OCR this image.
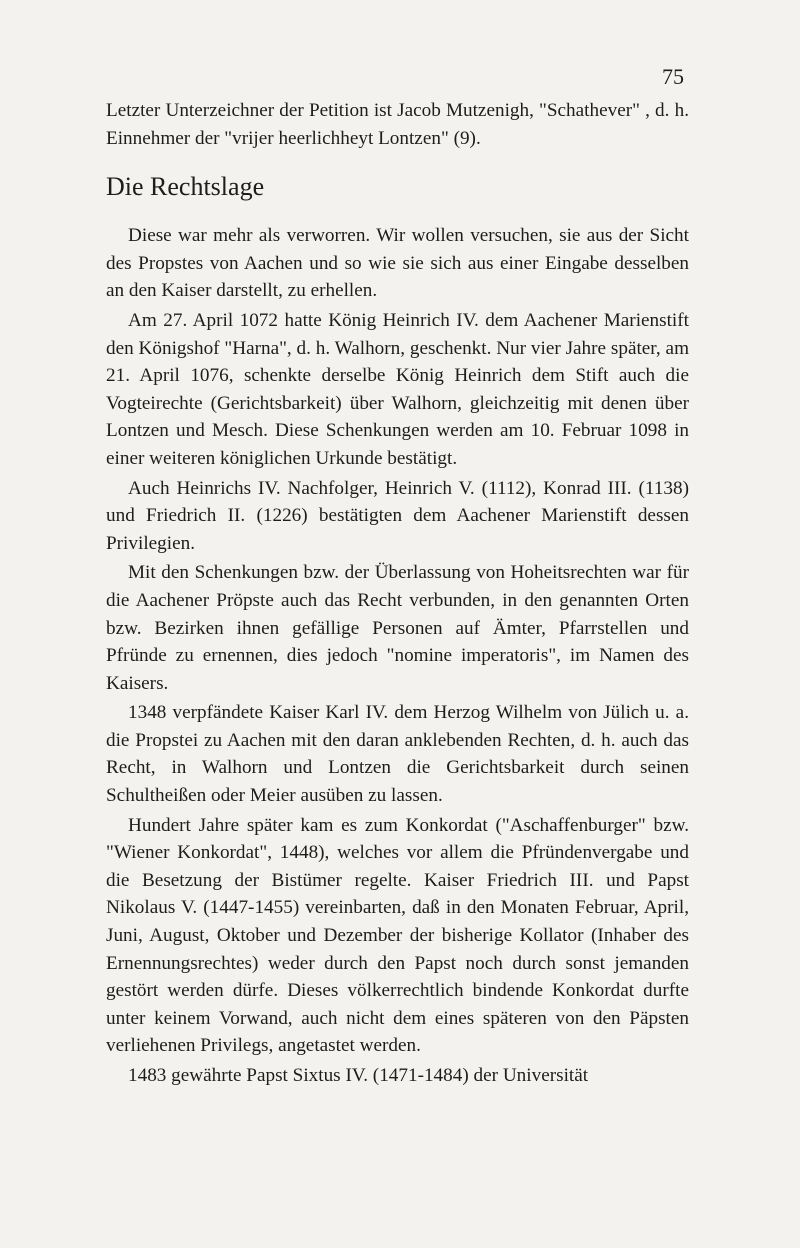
75

Letzter Unterzeichner der Petition ist Jacob Mutzenigh, "Schathever" , d. h. Einnehmer der "vrijer heerlichheyt Lontzen" (9).

Die Rechtslage

Diese war mehr als verworren. Wir wollen versuchen, sie aus der Sicht des Propstes von Aachen und so wie sie sich aus einer Eingabe desselben an den Kaiser darstellt, zu erhellen.

Am 27. April 1072 hatte König Heinrich IV. dem Aachener Marienstift den Königshof "Harna", d. h. Walhorn, geschenkt. Nur vier Jahre später, am 21. April 1076, schenkte derselbe König Heinrich dem Stift auch die Vogteirechte (Gerichtsbarkeit) über Walhorn, gleichzeitig mit denen über Lontzen und Mesch. Diese Schenkungen werden am 10. Februar 1098 in einer weiteren königlichen Urkunde bestätigt.

Auch Heinrichs IV. Nachfolger, Heinrich V. (1112), Konrad III. (1138) und Friedrich II. (1226) bestätigten dem Aachener Marienstift dessen Privilegien.

Mit den Schenkungen bzw. der Überlassung von Hoheitsrechten war für die Aachener Pröpste auch das Recht verbunden, in den genannten Orten bzw. Bezirken ihnen gefällige Personen auf Ämter, Pfarrstellen und Pfründe zu ernennen, dies jedoch "nomine imperatoris", im Namen des Kaisers.

1348 verpfändete Kaiser Karl IV. dem Herzog Wilhelm von Jülich u. a. die Propstei zu Aachen mit den daran anklebenden Rechten, d. h. auch das Recht, in Walhorn und Lontzen die Gerichtsbarkeit durch seinen Schultheißen oder Meier ausüben zu lassen.

Hundert Jahre später kam es zum Konkordat ("Aschaffenburger" bzw. "Wiener Konkordat", 1448), welches vor allem die Pfründenvergabe und die Besetzung der Bistümer regelte. Kaiser Friedrich III. und Papst Nikolaus V. (1447-1455) vereinbarten, daß in den Monaten Februar, April, Juni, August, Oktober und Dezember der bisherige Kollator (Inhaber des Ernennungsrechtes) weder durch den Papst noch durch sonst jemanden gestört werden dürfe. Dieses völkerrechtlich bindende Konkordat durfte unter keinem Vorwand, auch nicht dem eines späteren von den Päpsten verliehenen Privilegs, angetastet werden.

1483 gewährte Papst Sixtus IV. (1471-1484) der Universität
